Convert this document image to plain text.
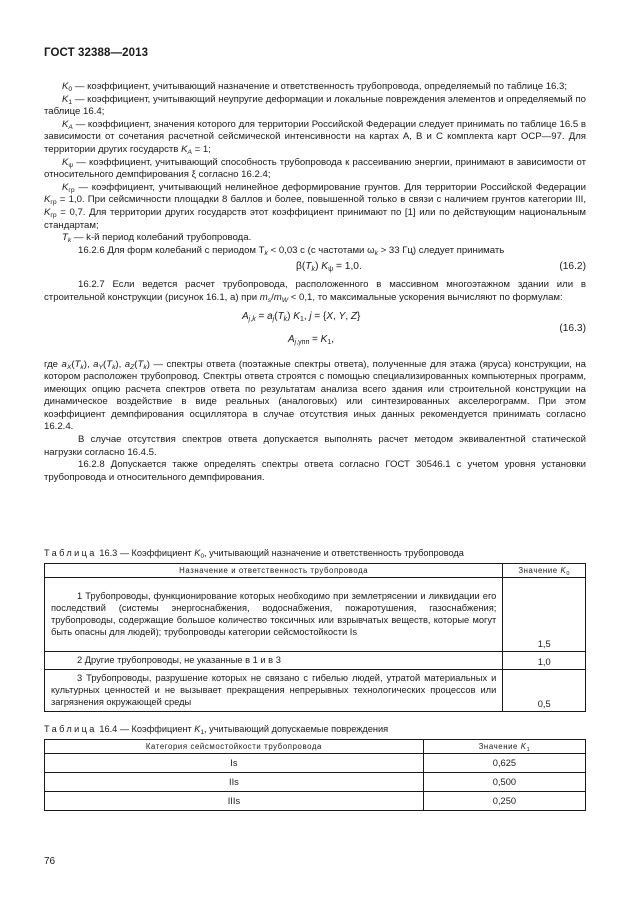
ГОСТ 32388—2013

$K_0$ — коэффициент, учитывающий назначение и ответственность трубопровода, определяемый по таблице 16.3;

$K_1$ — коэффициент, учитывающий неупругие деформации и локальные повреждения элементов и определяемый по таблице 16.4;

$K_A$ — коэффициент, значения которого для территории Российской Федерации следует принимать по таблице 16.5 в зависимости от сочетания расчетной сейсмической интенсивности на картах А, В и С комплекта карт ОСР—97. Для территории других государств $K_A = 1$;

$K_\psi$ — коэффициент, учитывающий способность трубопровода к рассеиванию энергии, принимают в зависимости от относительного демпфирования ξ согласно 16.2.4;

$K_{гр}$ — коэффициент, учитывающий нелинейное деформирование грунтов. Для территории Российской Федерации $K_{гр} = 1,0$. При сейсмичности площадки 8 баллов и более, повышенной только в связи с наличием грунтов категории III, $K_{гр} = 0,7$. Для территории других государств этот коэффициент принимают по [1] или по действующим национальным стандартам;

$T_k$ — k-й период колебаний трубопровода.

16.2.6 Для форм колебаний с периодом $T_k < 0,03$ с (с частотами $\omega_k > 33$ Гц) следует принимать

$\beta(T_k) K_\psi = 1,0$.	(16.2)

16.2.7 Если ведется расчет трубопровода, расположенного в массивном многоэтажном здании или в строительной конструкции (рисунок 16.1, а) при $m_s/m_W < 0,1$, то максимальные ускорения вычисляют по формулам:

$A_{j,k} = a_j(T_k)$ $K_1$, j = {X, Y, Z}
$A_{j,упп} = K_1$,
(16.3)

где $a_X(T_k)$, $a_Y(T_k)$, $a_Z(T_k)$ — спектры ответа (поэтажные спектры ответа), полученные для этажа (яруса) конструкции, на котором расположен трубопровод. Спектры ответа строятся с помощью специализированных компьютерных программ, имеющих опцию расчета спектров ответа по результатам анализа всего здания или строительной конструкции на динамическое воздействие в виде реальных (аналоговых) или синтезированных акселерограмм. При этом коэффициент демпфирования осциллятора в случае отсутствия иных данных рекомендуется принимать согласно 16.2.4.

В случае отсутствия спектров ответа допускается выполнять расчет методом эквивалентной статической нагрузки согласно 16.4.5.

16.2.8 Допускается также определять спектры ответа согласно ГОСТ 30546.1 с учетом уровня установки трубопровода и относительного демпфирования.

Таблица 16.3 — Коэффициент $K_0$, учитывающий назначение и ответственность трубопровода
Назначение и ответственность трубопровода	Значение $K_0$

1 Трубопроводы, функционирование которых необходимо при землетрясении и ликвидации его последствий (системы энергоснабжения, водоснабжения, пожаротушения, газоснабжения; трубопроводы, содержащие большое количество токсичных или взрывчатых веществ, которые могут быть опасны для людей); трубопроводы категории сейсмостойкости Is	1,5

2 Другие трубопроводы, не указанные в 1 и в 3	1,0

3 Трубопроводы, разрушение которых не связано с гибелью людей, утратой материальных и культурных ценностей и не вызывает прекращения непрерывных технологических процессов или загрязнения окружающей среды	0,5
Таблица 16.4 — Коэффициент $K_1$, учитывающий допускаемые повреждения
Категория сейсмостойкости трубопровода	Значение $K_1$
Is	0,625
IIs	0,500
IIIs	0,250
76
